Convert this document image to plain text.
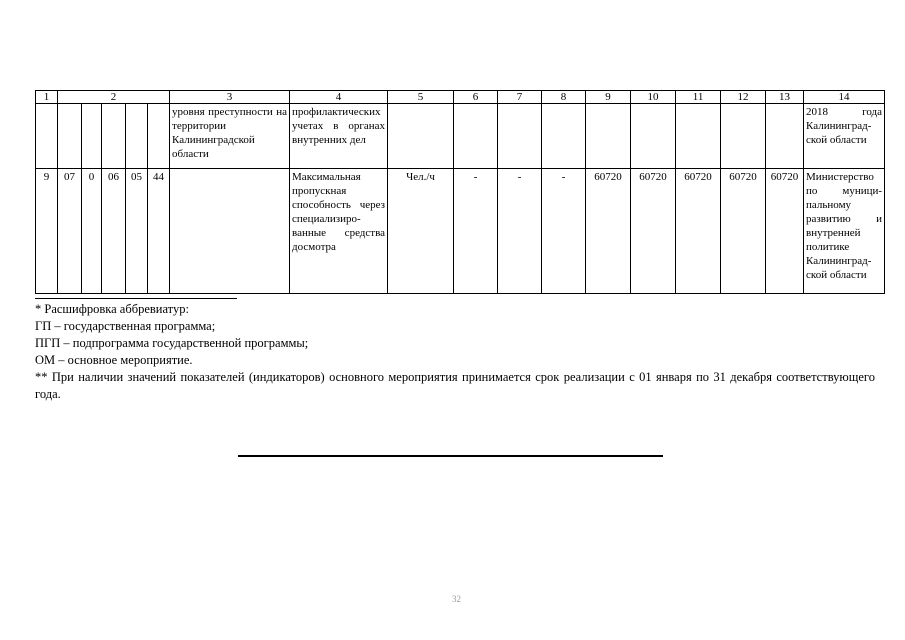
1	2					3	4	5	6	7	8	9	10	11	12	13	14
						уровня преступности на территории Калининградской области	профилактических учетах в органах внутренних дел										2018 года Калининград-ской области
9	07	0	06	05	44		Максимальная пропускная способность через специализиро-ванные средства досмотра	Чел./ч	-	-	-	60720	60720	60720	60720	60720	Министерство по муници-пальному развитию и внутренней политике Калининград-ской области

* Расшифровка аббревиатур:

ГП – государственная программа;

ПГП – подпрограмма государственной программы;

ОМ – основное мероприятие.

** При наличии значений показателей (индикаторов) основного мероприятия принимается срок реализации с 01 января по 31 декабря соответствующего года.

32
